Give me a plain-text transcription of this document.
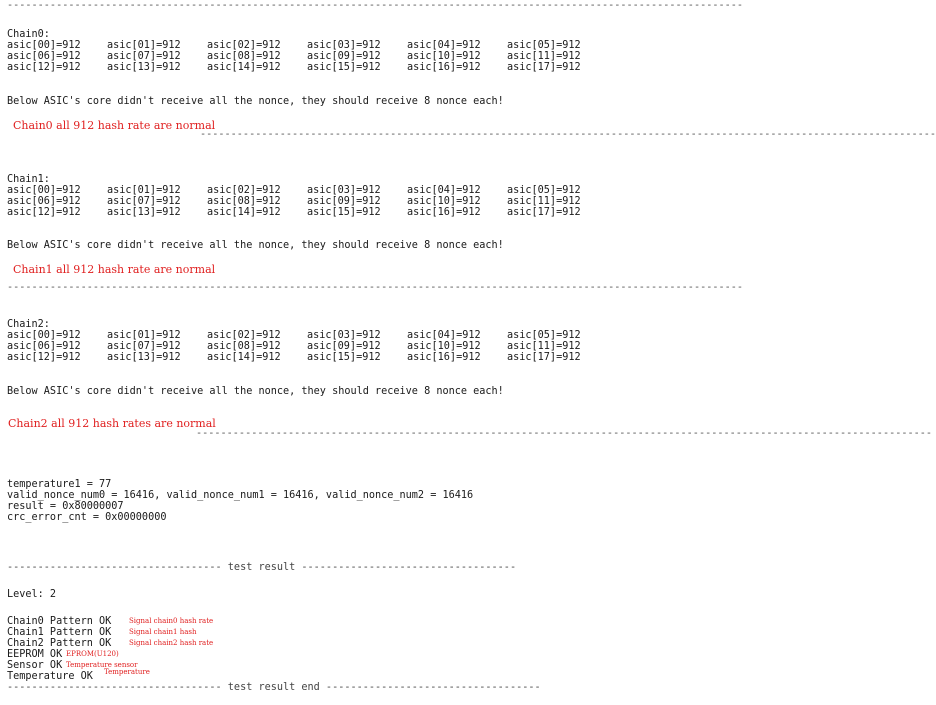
------------------------------------------------------------------------------------------------------------------------
Chain0:
asic[00]=912	asic[01]=912	asic[02]=912	asic[03]=912	asic[04]=912	asic[05]=912
asic[06]=912	asic[07]=912	asic[08]=912	asic[09]=912	asic[10]=912	asic[11]=912
asic[12]=912	asic[13]=912	asic[14]=912	asic[15]=912	asic[16]=912	asic[17]=912
Below ASIC's core didn't receive all the nonce, they should receive 8 nonce each!
Chain0 all 912 hash rate are normal
------------------------------------------------------------------------------------------------------------------------
Chain1:
asic[00]=912	asic[01]=912	asic[02]=912	asic[03]=912	asic[04]=912	asic[05]=912
asic[06]=912	asic[07]=912	asic[08]=912	asic[09]=912	asic[10]=912	asic[11]=912
asic[12]=912	asic[13]=912	asic[14]=912	asic[15]=912	asic[16]=912	asic[17]=912
Below ASIC's core didn't receive all the nonce, they should receive 8 nonce each!
Chain1 all 912 hash rate are normal
------------------------------------------------------------------------------------------------------------------------
Chain2:
asic[00]=912	asic[01]=912	asic[02]=912	asic[03]=912	asic[04]=912	asic[05]=912
asic[06]=912	asic[07]=912	asic[08]=912	asic[09]=912	asic[10]=912	asic[11]=912
asic[12]=912	asic[13]=912	asic[14]=912	asic[15]=912	asic[16]=912	asic[17]=912
Below ASIC's core didn't receive all the nonce, they should receive 8 nonce each!
Chain2 all 912 hash rates are normal
------------------------------------------------------------------------------------------------------------------------
temperature1 = 77
valid_nonce_num0 = 16416, valid_nonce_num1 = 16416, valid_nonce_num2 = 16416
result = 0x80000007
crc_error_cnt = 0x00000000
----------------------------------- test result -----------------------------------
Level: 2
Chain0 Pattern OK	Signal chain0 hash rate
Chain1 Pattern OK	Signal chain1 hash
Chain2 Pattern OK	Signal chain2 hash rate
EEPROM OK EPROM(U120)
Sensor OK Temperature sensor
Temperature OK Temperature
----------------------------------- test result end -----------------------------------
